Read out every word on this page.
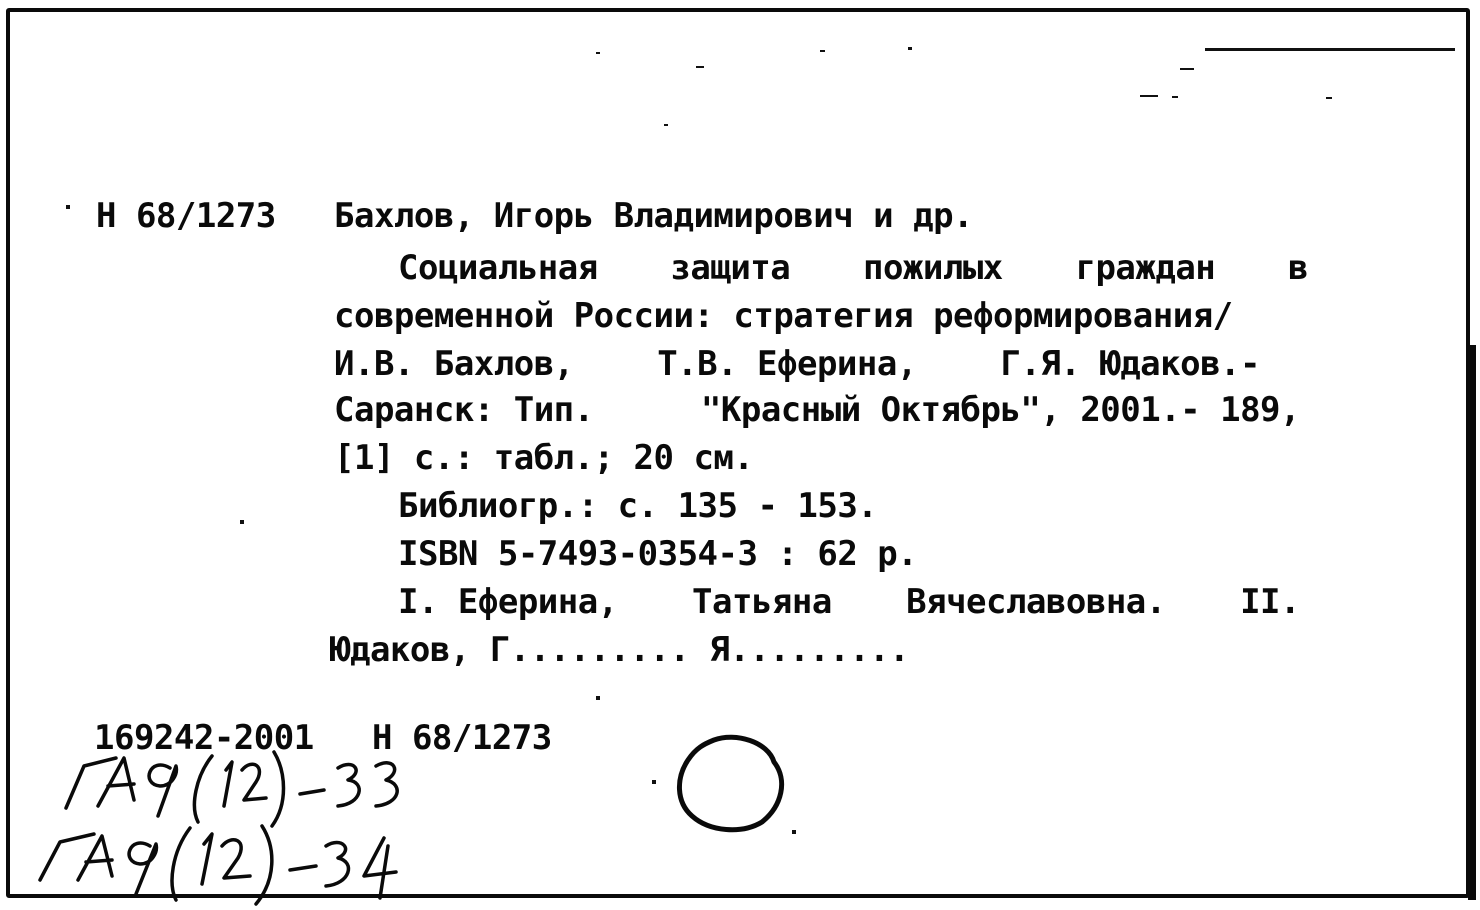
Н 68/1273 Бахлов, Игорь Владимирович и др.
Социальная защита пожилых граждан в
современной России: стратегия реформирования/
И.В. Бахлов, Т.В. Еферина, Г.Я. Юдаков.-
Саранск: Тип.	"Красный Октябрь", 2001.- 189,
[1] с.: табл.; 20 см.
Библиогр.: с. 135 - 153.
ISBN 5-7493-0354-3 : 62 р.
I. Еферина, Татьяна Вячеславовна. II.
Юдаков, Г......... Я.........
169242-2001 Н 68/1273
